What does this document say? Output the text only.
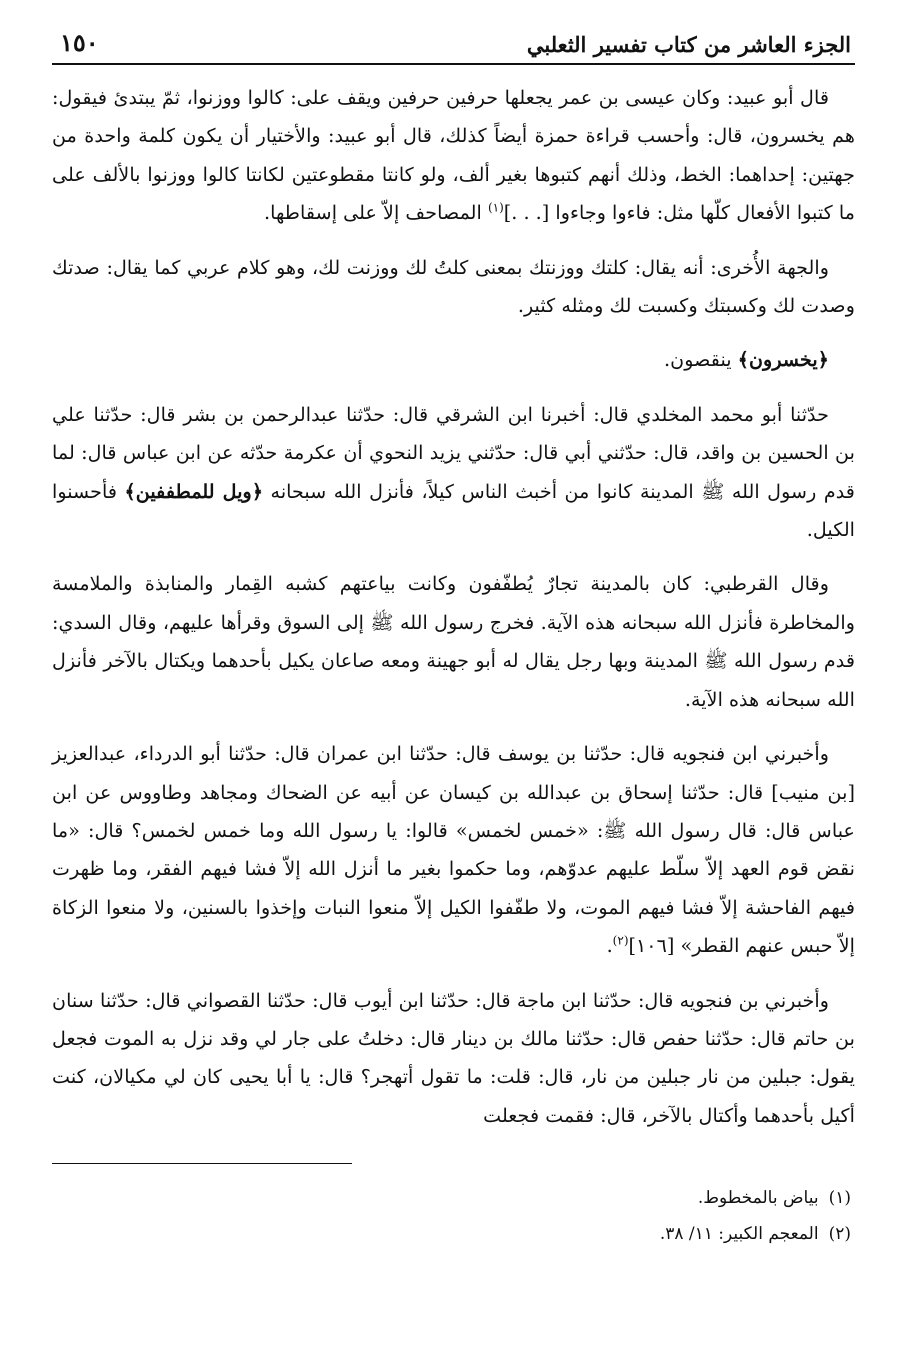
الجزء العاشر من كتاب تفسير الثعلبي
١٥٠

قال أبو عبيد: وكان عيسى بن عمر يجعلها حرفين حرفين ويقف على: كالوا ووزنوا، ثمّ يبتدئ فيقول: هم يخسرون، قال: وأحسب قراءة حمزة أيضاً كذلك، قال أبو عبيد: والأختيار أن يكون كلمة واحدة من جهتين: إحداهما: الخط، وذلك أنهم كتبوها بغير ألف، ولو كانتا مقطوعتين لكانتا كالوا ووزنوا بالألف على ما كتبوا الأفعال كلّها مثل: فاءوا وجاءوا [. . .]$^{(١)}$ المصاحف إلاّ على إسقاطها.

والجهة الأُخرى: أنه يقال: كلتك ووزنتك بمعنى كلتُ لك ووزنت لك، وهو كلام عربي كما يقال: صدتك وصدت لك وكسبتك وكسبت لك ومثله كثير.

﴿يخسرون﴾ ينقصون.

حدّثنا أبو محمد المخلدي قال: أخبرنا ابن الشرقي قال: حدّثنا عبدالرحمن بن بشر قال: حدّثنا علي بن الحسين بن واقد، قال: حدّثني أبي قال: حدّثني يزيد النحوي أن عكرمة حدّثه عن ابن عباس قال: لما قدم رسول الله ﷺ المدينة كانوا من أخبث الناس كيلاً، فأنزل الله سبحانه ﴿ويل للمطففين﴾ فأحسنوا الكيل.

وقال القرطبي: كان بالمدينة تجارٌ يُطفّفون وكانت بياعتهم كشبه القِمار والمنابذة والملامسة والمخاطرة فأنزل الله سبحانه هذه الآية. فخرج رسول الله ﷺ إلى السوق وقرأها عليهم، وقال السدي: قدم رسول الله ﷺ المدينة وبها رجل يقال له أبو جهينة ومعه صاعان يكيل بأحدهما ويكتال بالآخر فأنزل الله سبحانه هذه الآية.

وأخبرني ابن فنجويه قال: حدّثنا بن يوسف قال: حدّثنا ابن عمران قال: حدّثنا أبو الدرداء، عبدالعزيز [بن منيب] قال: حدّثنا إسحاق بن عبدالله بن كيسان عن أبيه عن الضحاك ومجاهد وطاووس عن ابن عباس قال: قال رسول الله ﷺ: «خمس لخمس» قالوا: يا رسول الله وما خمس لخمس؟ قال: «ما نقض قوم العهد إلاّ سلّط عليهم عدوّهم، وما حكموا بغير ما أنزل الله إلاّ فشا فيهم الفقر، وما ظهرت فيهم الفاحشة إلاّ فشا فيهم الموت، ولا طفّفوا الكيل إلاّ منعوا النبات وإخذوا بالسنين، ولا منعوا الزكاة إلاّ حبس عنهم القطر» [١٠٦]$^{(٢)}$.

وأخبرني بن فنجويه قال: حدّثنا ابن ماجة قال: حدّثنا ابن أيوب قال: حدّثنا القصواني قال: حدّثنا سنان بن حاتم قال: حدّثنا حفص قال: حدّثنا مالك بن دينار قال: دخلتُ على جار لي وقد نزل به الموت فجعل يقول: جبلين من نار جبلين من نار، قال: قلت: ما تقول أتهجر؟ قال: يا أبا يحيى كان لي مكيالان، كنت أكيل بأحدهما وأكتال بالآخر، قال: فقمت فجعلت

(١)
بياض بالمخطوط.
(٢)
المعجم الكبير: ١١/ ٣٨.
